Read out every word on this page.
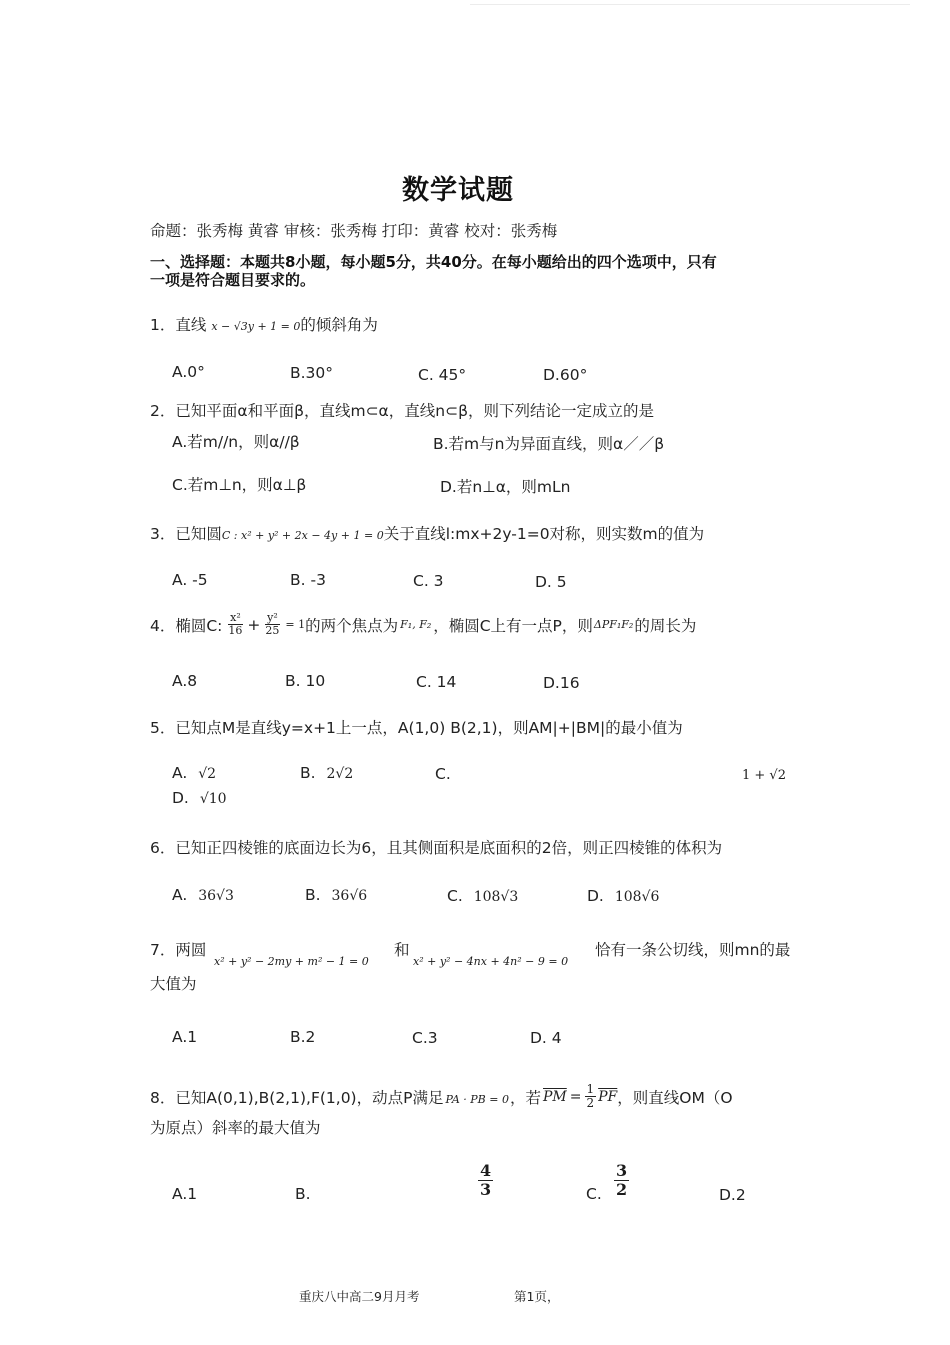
数学试题
命题：张秀梅 黄睿 审核：张秀梅 打印：黄睿 校对：张秀梅
一、选择题：本题共8小题，每小题5分，共40分。在每小题给出的四个选项中，只有
一项是符合题目要求的。
1．直线 x − √3y + 1 = 0的倾斜角为
A.0°	B.30°	C. 45°	D.60°
2．已知平面α和平面β，直线m⊂α，直线n⊂β，则下列结论一定成立的是
A.若m//n，则α//β	B.若m与n为异面直线，则α／／β
C.若m⊥n，则α⊥β	D.若n⊥α，则mLn
3．已知圆C : x² + y² + 2x − 4y + 1 = 0关于直线l:mx+2y-1=0对称，则实数m的值为
A. -5	B. -3	C. 3	D. 5
4．椭圆C: $\frac{\text{x²}}{16} + \frac{\text{y²}}{25} = 1$ 的两个焦点为 F₁, F₂ ，椭圆C上有一点P，则 ΔPF₁F₂ 的周长为
A.8	B. 10	C. 14	D.16
5．已知点M是直线y=x+1上一点，A(1,0) B(2,1)，则AM|+|BM|的最小值为
A. √2	B. 2√2	C.	1 + √2
D. √10
6．已知正四棱锥的底面边长为6，且其侧面积是底面积的2倍，则正四棱锥的体积为
A. 36√3	B. 36√6	C. 108√3	D. 108√6
7．两圆
x² + y² − 2my + m² − 1 = 0
和
x² + y² − 4nx + 4n² − 9 = 0
恰有一条公切线，则mn的最
大值为
A.1	B.2	C.3	D. 4
8．已知A(0,1),B(2,1),F(1,0)，动点P满足 PA · PB = 0 ，若 $\overline{PM} = \frac{1}{2} \overline{PF}$ ，则直线OM（O
为原点）斜率的最大值为
A.1	B.	$\frac{4}{3}$	C. $\frac{3}{2}$	D.2
重庆八中高二9月月考	第1页，
